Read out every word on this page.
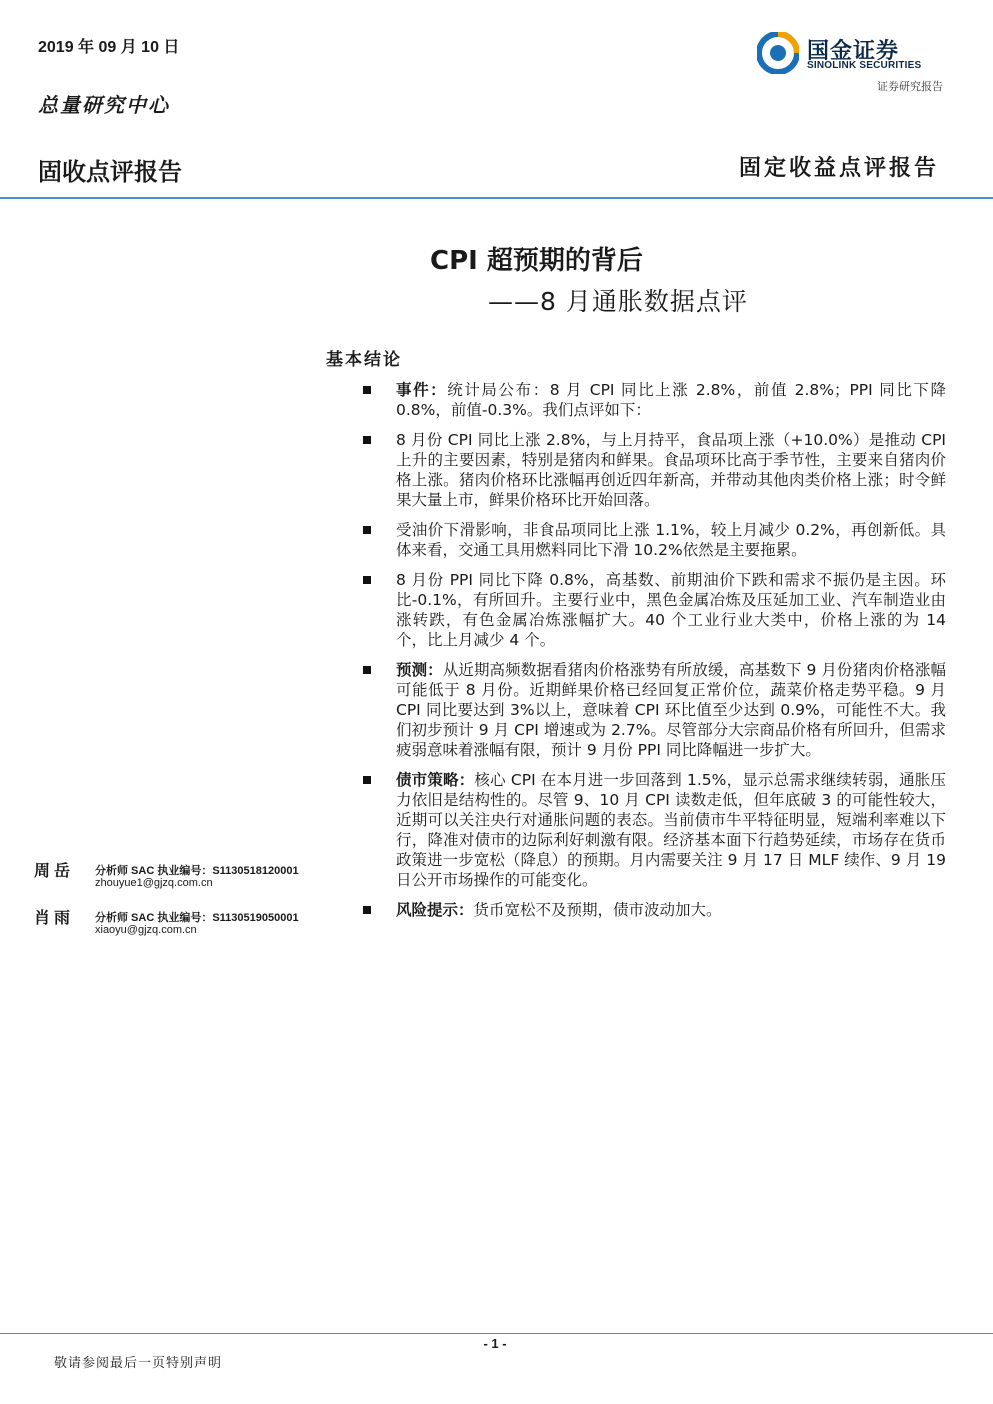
2019 年 09 月 10 日
总量研究中心
国金证券
SINOLINK SECURITIES
证券研究报告
固收点评报告	固定收益点评报告
CPI 超预期的背后
——8 月通胀数据点评
基本结论
事件：统计局公布：8 月 CPI 同比上涨 2.8%，前值 2.8%；PPI 同比下降 0.8%，前值-0.3%。我们点评如下：
8 月份 CPI 同比上涨 2.8%，与上月持平，食品项上涨（+10.0%）是推动 CPI 上升的主要因素，特别是猪肉和鲜果。食品项环比高于季节性，主要来自猪肉价格上涨。猪肉价格环比涨幅再创近四年新高，并带动其他肉类价格上涨；时令鲜果大量上市，鲜果价格环比开始回落。
受油价下滑影响，非食品项同比上涨 1.1%，较上月减少 0.2%，再创新低。具体来看，交通工具用燃料同比下滑 10.2%依然是主要拖累。
8 月份 PPI 同比下降 0.8%，高基数、前期油价下跌和需求不振仍是主因。环比-0.1%，有所回升。主要行业中，黑色金属冶炼及压延加工业、汽车制造业由涨转跌，有色金属冶炼涨幅扩大。40 个工业行业大类中，价格上涨的为 14 个，比上月减少 4 个。
预测：从近期高频数据看猪肉价格涨势有所放缓，高基数下 9 月份猪肉价格涨幅可能低于 8 月份。近期鲜果价格已经回复正常价位，蔬菜价格走势平稳。9 月 CPI 同比要达到 3%以上，意味着 CPI 环比值至少达到 0.9%，可能性不大。我们初步预计 9 月 CPI 增速或为 2.7%。尽管部分大宗商品价格有所回升，但需求疲弱意味着涨幅有限，预计 9 月份 PPI 同比降幅进一步扩大。
债市策略：核心 CPI 在本月进一步回落到 1.5%，显示总需求继续转弱，通胀压力依旧是结构性的。尽管 9、10 月 CPI 读数走低，但年底破 3 的可能性较大，近期可以关注央行对通胀问题的表态。当前债市牛平特征明显，短端利率难以下行，降准对债市的边际利好刺激有限。经济基本面下行趋势延续，市场存在货币政策进一步宽松（降息）的预期。月内需要关注 9 月 17 日 MLF 续作、9 月 19 日公开市场操作的可能变化。
风险提示：货币宽松不及预期，债市波动加大。
周岳 分析师 SAC 执业编号：S1130518120001
zhouyue1@gjzq.com.cn
肖雨 分析师 SAC 执业编号：S1130519050001
xiaoyu@gjzq.com.cn
- 1 -
敬请参阅最后一页特别声明
